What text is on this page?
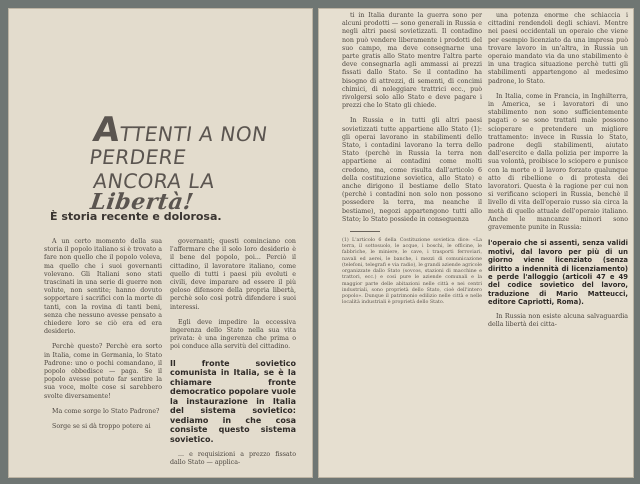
ATTENTI A NON PERDERE
ANCORA LA Libertà!
È storia recente e dolorosa.

A un certo momento della sua storia il popolo italiano si è trovato a fare non quello che il popolo voleva, ma quello che i suoi governanti volevano. Gli Italiani sono stati trascinati in una serie di guerre non volute, non sentite; hanno dovuto sopportare i sacrifici con la morte di tanti, con la rovina di tanti beni, senza che nessuno avesse pensato a chiedere loro se ciò era ed era desiderio.

Perchè questo? Perchè era sorto in Italia, come in Germania, lo Stato Padrone: uno o pochi comandano, il popolo obbedisce — paga. Se il popolo avesse potuto far sentire la sua voce, molte cose si sarebbero svolte diversamente!

Ma come sorge lo Stato Padrone?

Sorge se si dà troppo potere ai

governanti; questi cominciano con l'affermare che il solo loro desiderio è il bene del popolo, poi... Perciò il cittadino, il lavoratore italiano, come quello di tutti i paesi più evoluti e civili, deve imparare ad essere il più geloso difensore della propria libertà, perchè solo così potrà difendere i suoi interessi.

Egli deve impedire la eccessiva ingerenza dello Stato nella sua vita privata: è una ingerenza che prima o poi conduce alla servitù del cittadino.

Il fronte sovietico comunista in Italia, se è la chiamare fronte democratico popolare vuole la instaurazione in Italia del sistema sovietico: vediamo in che cosa consiste questo sistema sovietico.

... e requisizioni a prezzo fissato dallo Stato — applica-

ti in Italia durante la guerra sono per alcuni prodotti — sono generali in Russia e negli altri paesi sovietizzati. Il contadino non può vendere liberamente i prodotti del suo campo, ma deve consegnarne una parte gratis allo Stato mentre l'altra parte deve consegnarla agli ammassi ai prezzi fissati dallo Stato. Se il contadino ha bisogno di attrezzi, di sementi, di concimi chimici, di noleggiare trattrici ecc., può rivolgersi solo allo Stato e deve pagare i prezzi che lo Stato gli chiede.

In Russia e in tutti gli altri paesi sovietizzati tutte appartiene allo Stato (1): gli operai lavorano in stabilimenti dello Stato, i contadini lavorano la terra dello Stato (perchè in Russia la terra non appartiene ai contadini come molti credono, ma, come risulta dall'articolo 6 della costituzione sovietica, allo Stato) e anche dirigono il bestiame dello Stato (perchè i contadini non solo non possono possedere la terra, ma neanche il bestiame), negozi appartengono tutti allo Stato; lo Stato possiede in conseguenza

(1) L'articolo 6 della Costituzione sovietica dice: «La terra, il sottosuolo, le acque, i boschi, le officine, le fabbriche, le miniere, le cave, i trasporti ferroviari, navali ed aerei, le banche, i mezzi di comunicazione (telefoni, telegrafi e via radio), le grandi aziende agricole organizzate dallo Stato (sovcos, stazioni di macchine e trattori, ecc.) e così pure le aziende comunali e la maggior parte delle abitazioni nelle città e nei centri industriali, sono proprietà dello Stato, cioè dell'intero popolo». Dunque il patrimonio edilizio nelle città e nelle località industriali è proprietà dello Stato.

una potenza enorme che schiaccia i cittadini rendendoli degli schiavi. Mentre nei paesi occidentali un operaio che viene per esempio licenziato da una impresa può trovare lavoro in un'altra, in Russia un operaio mandato via da uno stabilimento è in una tragica situazione perchè tutti gli stabilimenti appartengono al medesimo padrone, lo Stato.

In Italia, come in Francia, in Inghilterra, in America, se i lavoratori di uno stabilimento non sono sufficientemente pagati o se sono trattati male possono scioperare e pretendere un migliore trattamento: invece in Russia lo Stato, padrone degli stabilimenti, aiutato dall'esercito e dalla polizia per imporre la sua volontà, proibisce lo sciopero e punisce con la morte o il lavoro forzato qualunque atto di ribellione o di protesta dei lavoratori. Questa è la ragione per cui non si verificano scioperi in Russia, benchè il livello di vita dell'operaio russo sia circa la metà di quello attuale dell'operaio italiano. Anche le mancanze minori sono gravemente punite in Russia:

l'operaio che si assenti, senza validi motivi, dal lavoro per più di un giorno viene licenziato (senza diritto a indennità di licenziamento) e perde l'alloggio (articoli 47 e 49 del codice sovietico del lavoro, traduzione di Mario Matteucci, editore Capriotti, Roma).

In Russia non esiste alcuna salvaguardia della libertà dei citta-
